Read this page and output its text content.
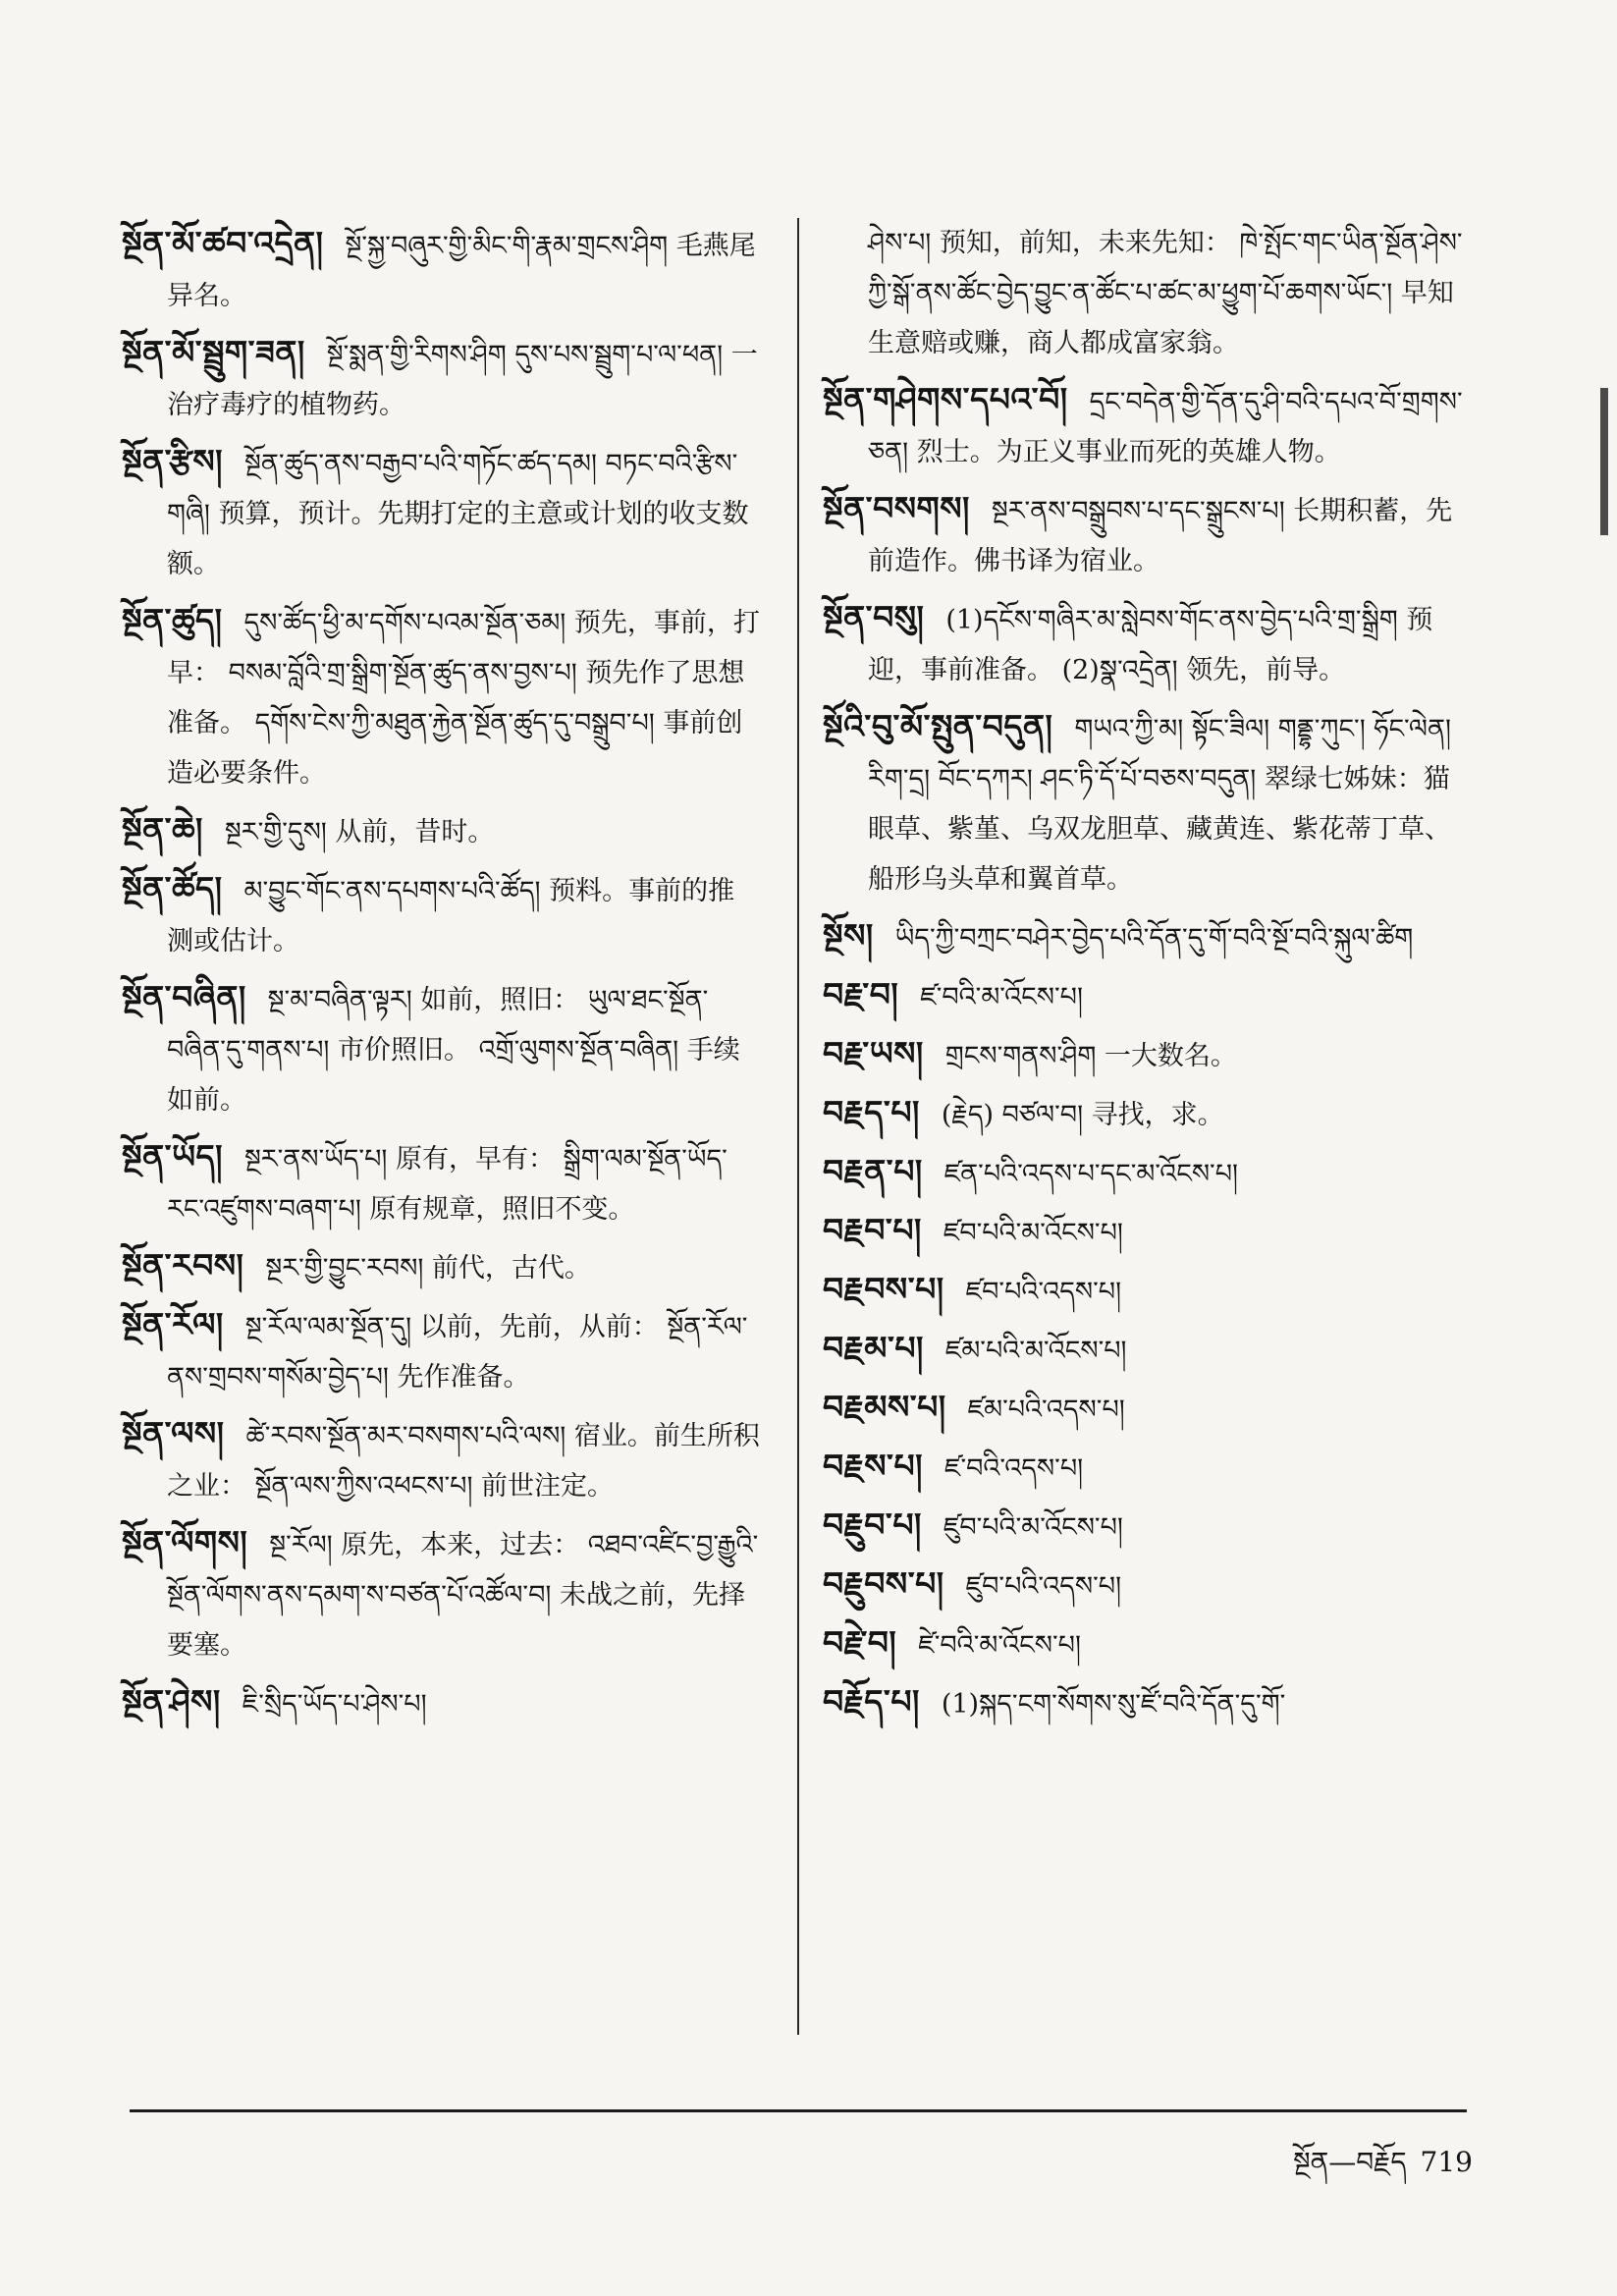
སྔོན་མོ་ཚབ་འདྲེན། སྔོ་སྐྱ་བཞུར་གྱི་མིང་གི་རྣམ་གྲངས་ཤིག 毛燕尾异名。
སྔོན་མོ་སྦྲུག་ཟན། སྔོ་སྨན་གྱི་རིགས་ཤིག དུས་པས་སྦྲུག་པ་ལ་ཕན། 一治疗毒疗的植物药。
སྔོན་རྩིས། སྔོན་ཚུད་ནས་བརྒྱབ་པའི་གཏོང་ཚད་དམ། བཏང་བའི་རྩིས་གཞི། 预算，预计。先期打定的主意或计划的收支数额。
སྔོན་ཚུད། དུས་ཚོད་ཕྱི་མ་དགོས་པའམ་སྔོན་ཅམ། 预先，事前，打早： བསམ་བློའི་གྲ་སྒྲིག་སྔོན་ཚུད་ནས་བྱས་པ། 预先作了思想准备。 དགོས་ངེས་ཀྱི་མཐུན་རྐྱེན་སྔོན་ཚུད་དུ་བསྒྲུབ་པ། 事前创造必要条件。
སྔོན་ཆེ། སྔར་གྱི་དུས། 从前，昔时。
སྔོན་ཚོད། མ་བྱུང་གོང་ནས་དཔགས་པའི་ཚོད། 预料。事前的推测或估计。
སྔོན་བཞིན། སྔ་མ་བཞིན་ལྟར། 如前，照旧： ཡུལ་ཐང་སྔོན་བཞིན་དུ་གནས་པ། 市价照旧。 འགྲོ་ལུགས་སྔོན་བཞིན། 手续如前。
སྔོན་ཡོད། སྔར་ནས་ཡོད་པ། 原有，早有： སྒྲིག་ལམ་སྔོན་ཡོད་རང་འཛུགས་བཞག་པ། 原有规章，照旧不变。
སྔོན་རབས། སྔར་གྱི་བྱུང་རབས། 前代，古代。
སྔོན་རོལ། སྔ་རོལ་ལམ་སྔོན་དུ། 以前，先前，从前： སྔོན་རོལ་ནས་གྲབས་གསོམ་བྱེད་པ། 先作准备。
སྔོན་ལས། ཚེ་རབས་སྔོན་མར་བསགས་པའི་ལས། 宿业。前生所积之业： སྔོན་ལས་ཀྱིས་འཕངས་པ། 前世注定。
སྔོན་ལོགས། སྔ་རོལ། 原先，本来，过去： འཐབ་འཛིང་བྱ་རྒྱུའི་སྔོན་ལོགས་ནས་དམག་ས་བཙན་པོ་འཚོལ་བ། 未战之前，先择要塞。
སྔོན་ཤེས། ཇི་སྲིད་ཡོད་པ་ཤེས་པ།
ཤེས་པ། 预知，前知，未来先知： ཁེ་སྤོང་གང་ཡིན་སྔོན་ཤེས་ཀྱི་སྒོ་ནས་ཚོང་བྱེད་བྱུང་ན་ཚོང་པ་ཚང་མ་ཕྱུག་པོ་ཆགས་ཡོང་། 早知生意赔或赚，商人都成富家翁。
སྔོན་གཤེགས་དཔའ་བོ། དྲང་བདེན་གྱི་དོན་དུ་ཤི་བའི་དཔའ་བོ་གྲགས་ཅན། 烈士。为正义事业而死的英雄人物。
སྔོན་བསགས། སྔར་ནས་བསྒྲུབས་པ་དང་སྒྲུངས་པ། 长期积蓄，先前造作。佛书译为宿业。
སྔོན་བསུ། (1)དངོས་གཞིར་མ་སླེབས་གོང་ནས་བྱེད་པའི་གྲ་སྒྲིག 预迎，事前准备。 (2)སྣ་འདྲེན། 领先，前导。
སྔོའི་བུ་མོ་སྤུན་བདུན། གཡའ་ཀྱི་མ། སྟོང་ཟིལ། གནྡྷ་ཀུང་། ཧོང་ལེན། རིག་དྲ། བོང་དཀར། ཤང་ཏི་དོ་པོ་བཅས་བདུན། 翠绿七姊妹：猫眼草、紫堇、乌双龙胆草、藏黄连、紫花蒂丁草、船形乌头草和翼首草。
སྔོས། ཡིད་ཀྱི་བཀྲང་བཤེར་བྱེད་པའི་དོན་དུ་གོ་བའི་སྔོ་བའི་སྐུལ་ཚིག
བརྗ་བ། ཛ་བའི་མ་འོངས་པ།
བརྗ་ཡས། གྲངས་གནས་ཤིག 一大数名。
བརྗད་པ། (རྗེད) བཙལ་བ། 寻找，求。
བརྗན་པ། ཛན་པའི་འདས་པ་དང་མ་འོངས་པ།
བརྗབ་པ། ཛབ་པའི་མ་འོངས་པ།
བརྗབས་པ། ཛབ་པའི་འདས་པ།
བརྗམ་པ། ཛམ་པའི་མ་འོངས་པ།
བརྗམས་པ། ཛམ་པའི་འདས་པ།
བརྗས་པ། ཛ་བའི་འདས་པ།
བརྗུབ་པ། ཛུབ་པའི་མ་འོངས་པ།
བརྗུབས་པ། ཛུབ་པའི་འདས་པ།
བརྗེ་བ། ཛེ་བའི་མ་འོངས་པ།
བརྗོད་པ། (1)སྐད་ངག་སོགས་སུ་ཛོ་བའི་དོན་དུ་གོ་
སྔོན—བརྗོད 719
